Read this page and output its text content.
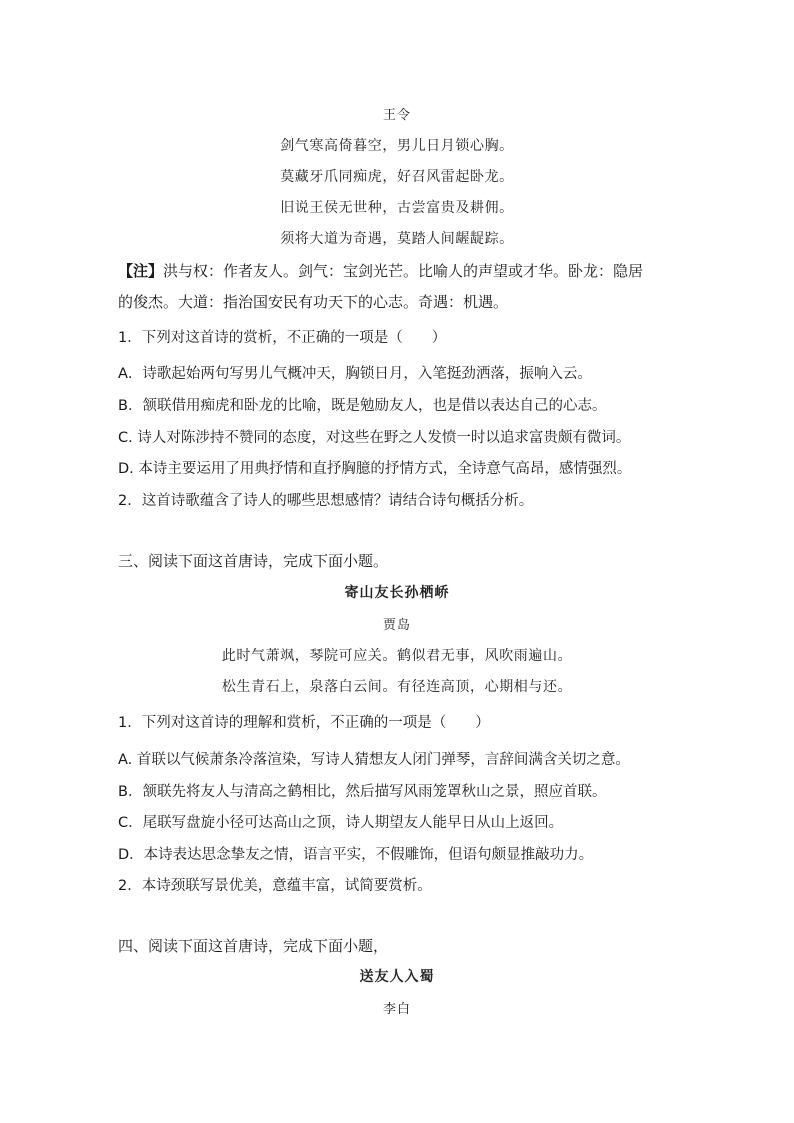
王令
剑气寒高倚暮空，男儿日月锁心胸。
莫藏牙爪同痴虎，好召风雷起卧龙。
旧说王侯无世种，古尝富贵及耕佣。
须将大道为奇遇，莫踏人间龌龊踪。
【注】洪与权：作者友人。剑气：宝剑光芒。比喻人的声望或才华。卧龙：隐居
的俊杰。大道：指治国安民有功天下的心志。奇遇：机遇。
1．下列对这首诗的赏析，不正确的一项是（　　）
A．诗歌起始两句写男儿气概冲天，胸锁日月，入笔挺劲洒落，振响入云。
B．颔联借用痴虎和卧龙的比喻，既是勉励友人，也是借以表达自己的心志。
C. 诗人对陈涉持不赞同的态度，对这些在野之人发愤一时以追求富贵颇有微词。
D. 本诗主要运用了用典抒情和直抒胸臆的抒情方式，全诗意气高昂，感情强烈。
2．这首诗歌蕴含了诗人的哪些思想感情？请结合诗句概括分析。
三、阅读下面这首唐诗，完成下面小题。
寄山友长孙栖峤
贾岛
此时气萧飒，琴院可应关。鹤似君无事，风吹雨遍山。
松生青石上，泉落白云间。有径连高顶，心期相与还。
1．下列对这首诗的理解和赏析，不正确的一项是（　　）
A. 首联以气候萧条冷落渲染，写诗人猜想友人闭门弹琴，言辞间满含关切之意。
B．颔联先将友人与清高之鹤相比，然后描写风雨笼罩秋山之景，照应首联。
C．尾联写盘旋小径可达高山之顶，诗人期望友人能早日从山上返回。
D．本诗表达思念挚友之情，语言平实，不假雕饰，但语句颇显推敲功力。
2．本诗颈联写景优美，意蕴丰富，试简要赏析。
四、阅读下面这首唐诗，完成下面小题，
送友人入蜀
李白
